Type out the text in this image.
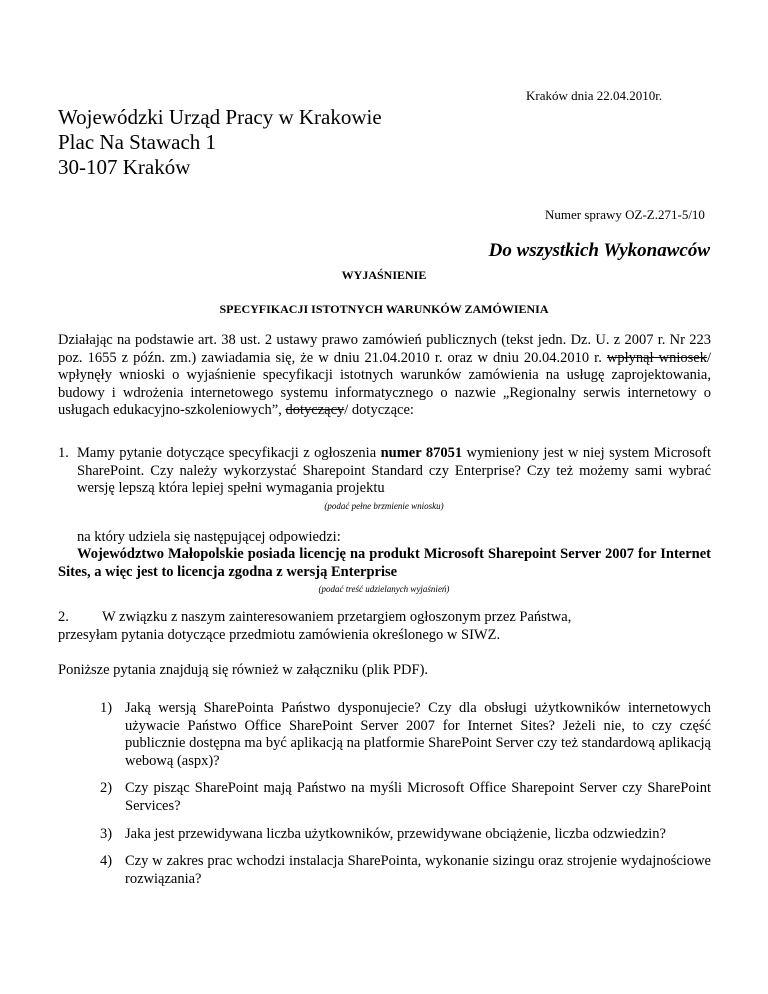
Kraków dnia 22.04.2010r.
Wojewódzki Urząd Pracy w Krakowie
Plac Na Stawach 1
30-107 Kraków
Numer sprawy OZ-Z.271-5/10
Do wszystkich Wykonawców
WYJAŚNIENIE
SPECYFIKACJI ISTOTNYCH WARUNKÓW ZAMÓWIENIA
Działając na podstawie art. 38 ust. 2 ustawy prawo zamówień publicznych (tekst jedn. Dz. U. z 2007 r. Nr 223 poz. 1655 z późn. zm.) zawiadamia się, że w dniu 21.04.2010 r. oraz w dniu 20.04.2010 r. wpłynął wniosek/ wpłynęły wnioski o wyjaśnienie specyfikacji istotnych warunków zamówienia na usługę zaprojektowania, budowy i wdrożenia internetowego systemu informatycznego o nazwie „Regionalny serwis internetowy o usługach edukacyjno-szkoleniowych”, dotyczący/ dotyczące:
1. Mamy pytanie dotyczące specyfikacji z ogłoszenia numer 87051 wymieniony jest w niej system Microsoft SharePoint. Czy należy wykorzystać Sharepoint Standard czy Enterprise? Czy też możemy sami wybrać wersję lepszą która lepiej spełni wymagania projektu
(podać pełne brzmienie wniosku)
na który udziela się następującej odpowiedzi:
Województwo Małopolskie posiada licencję na produkt Microsoft Sharepoint Server 2007 for Internet Sites, a więc jest to licencja zgodna z wersją Enterprise
(podać treść udzielanych wyjaśnień)
2. W związku z naszym zainteresowaniem przetargiem ogłoszonym przez Państwa,
przesyłam pytania dotyczące przedmiotu zamówienia określonego w SIWZ.
Poniższe pytania znajdują się również w załączniku (plik PDF).
1) Jaką wersją SharePointa Państwo dysponujecie? Czy dla obsługi użytkowników internetowych używacie Państwo Office SharePoint Server 2007 for Internet Sites? Jeżeli nie, to czy część publicznie dostępna ma być aplikacją na platformie SharePoint Server czy też standardową aplikacją webową (aspx)?
2) Czy pisząc SharePoint mają Państwo na myśli Microsoft Office Sharepoint Server czy SharePoint Services?
3) Jaka jest przewidywana liczba użytkowników, przewidywane obciążenie, liczba odzwiedzin?
4) Czy w zakres prac wchodzi instalacja SharePointa, wykonanie sizingu oraz strojenie wydajnościowe rozwiązania?
